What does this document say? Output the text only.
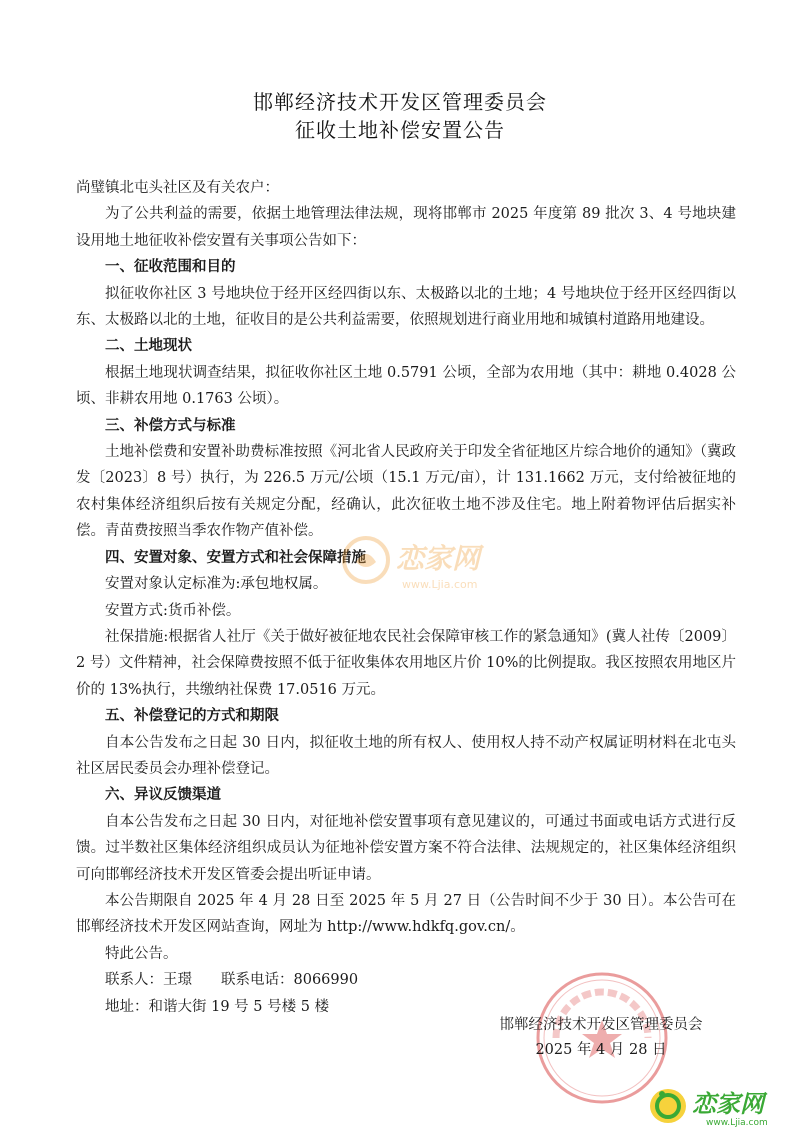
邯郸经济技术开发区管理委员会
征收土地补偿安置公告

尚璧镇北屯头社区及有关农户：

为了公共利益的需要，依据土地管理法律法规，现将邯郸市 2025 年度第 89 批次 3、4 号地块建设用地土地征收补偿安置有关事项公告如下：

一、征收范围和目的

拟征收你社区 3 号地块位于经开区经四街以东、太极路以北的土地；4 号地块位于经开区经四街以东、太极路以北的土地，征收目的是公共利益需要，依照规划进行商业用地和城镇村道路用地建设。

二、土地现状

根据土地现状调查结果，拟征收你社区土地 0.5791 公顷，全部为农用地（其中：耕地 0.4028 公顷、非耕农用地 0.1763 公顷）。

三、补偿方式与标准

土地补偿费和安置补助费标准按照《河北省人民政府关于印发全省征地区片综合地价的通知》（冀政发〔2023〕8 号）执行，为 226.5 万元/公顷（15.1 万元/亩），计 131.1662 万元，支付给被征地的农村集体经济组织后按有关规定分配，经确认，此次征收土地不涉及住宅。地上附着物评估后据实补偿。青苗费按照当季农作物产值补偿。

四、安置对象、安置方式和社会保障措施

安置对象认定标准为:承包地权属。

安置方式:货币补偿。

社保措施:根据省人社厅《关于做好被征地农民社会保障审核工作的紧急通知》(冀人社传〔2009〕2 号）文件精神，社会保障费按照不低于征收集体农用地区片价 10%的比例提取。我区按照农用地区片价的 13%执行，共缴纳社保费 17.0516 万元。

五、补偿登记的方式和期限

自本公告发布之日起 30 日内，拟征收土地的所有权人、使用权人持不动产权属证明材料在北屯头社区居民委员会办理补偿登记。

六、异议反馈渠道

自本公告发布之日起 30 日内，对征地补偿安置事项有意见建议的，可通过书面或电话方式进行反馈。过半数社区集体经济组织成员认为征地补偿安置方案不符合法律、法规规定的，社区集体经济组织可向邯郸经济技术开发区管委会提出听证申请。

本公告期限自 2025 年 4 月 28 日至 2025 年 5 月 27 日（公告时间不少于 30 日）。本公告可在邯郸经济技术开发区网站查询，网址为 http://www.hdkfq.gov.cn/。

特此公告。

联系人：王璟　　联系电话：8066990

地址：和谐大街 19 号 5 号楼 5 楼

邯郸经济技术开发区管理委员会
2025 年 4 月 28 日
恋家网
www.Ljia.com
恋家网
www.Ljia.com
